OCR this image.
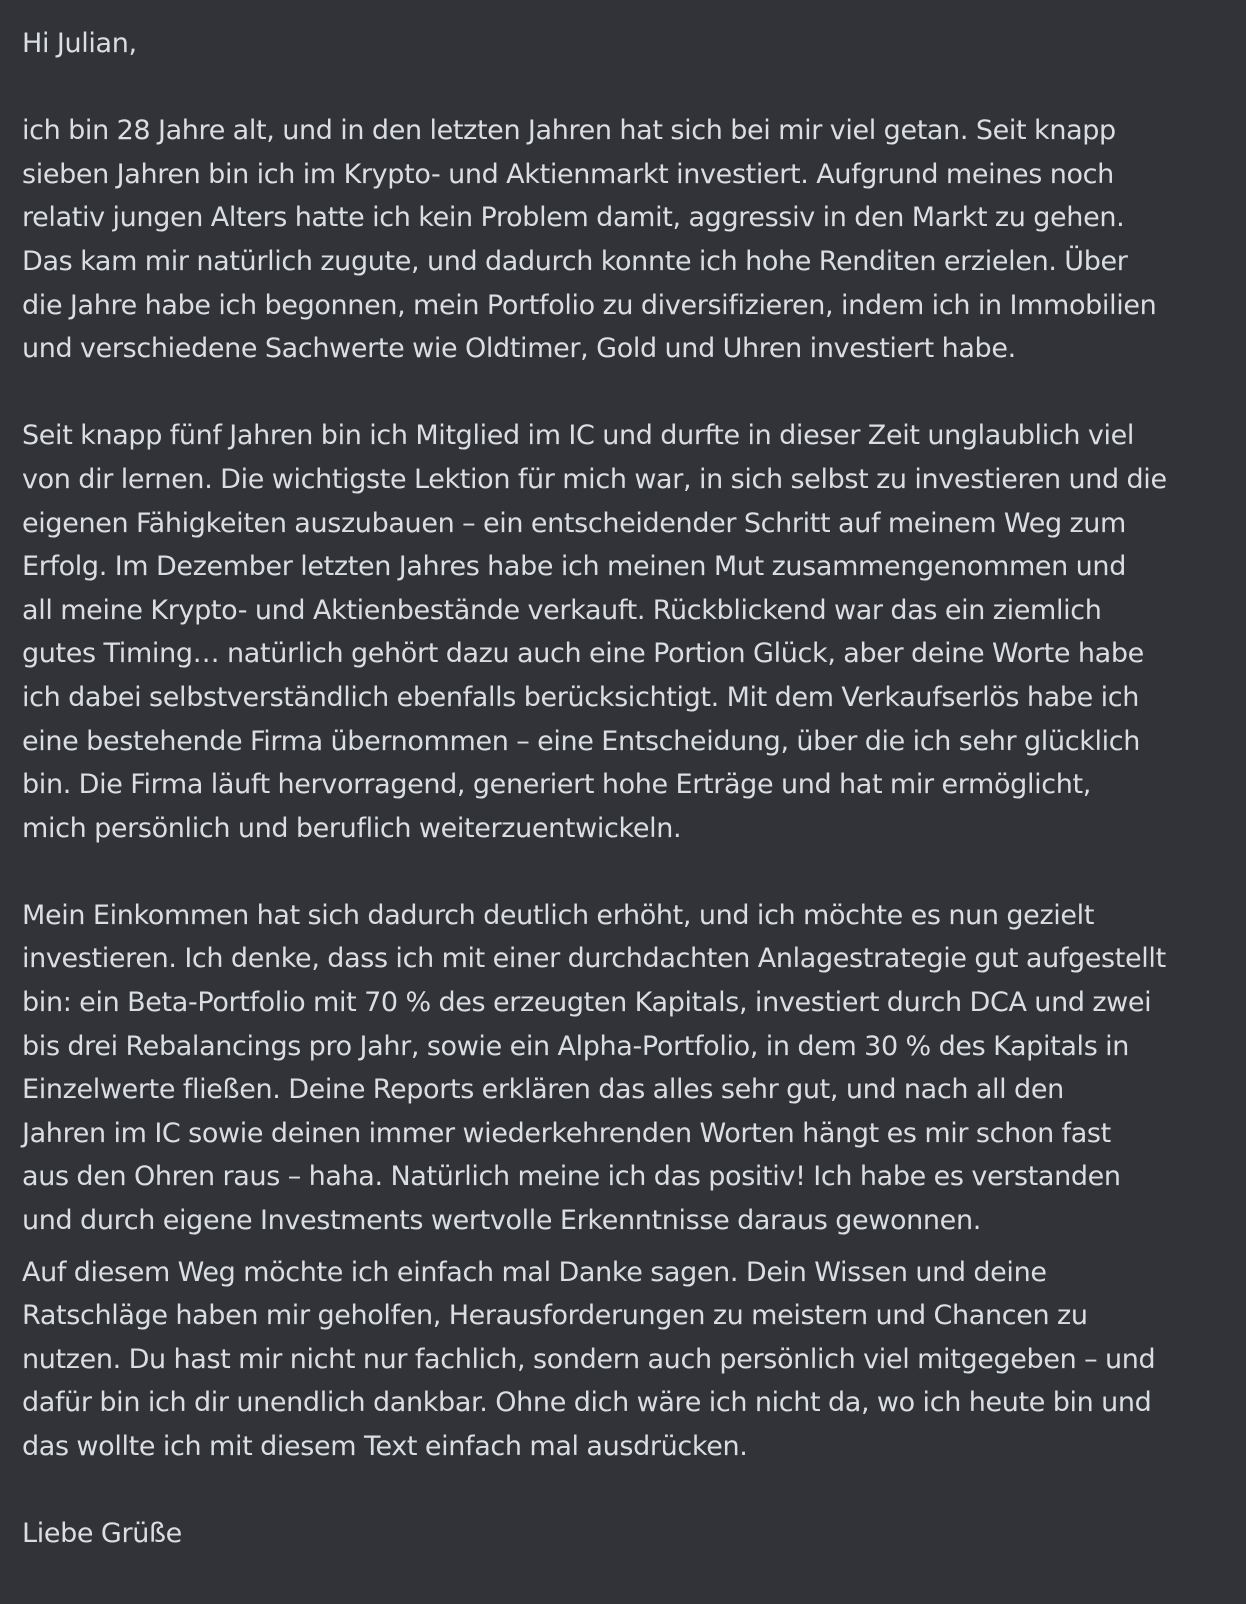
Hi Julian,
ich bin 28 Jahre alt, und in den letzten Jahren hat sich bei mir viel getan. Seit knapp
sieben Jahren bin ich im Krypto- und Aktienmarkt investiert. Aufgrund meines noch
relativ jungen Alters hatte ich kein Problem damit, aggressiv in den Markt zu gehen.
Das kam mir natürlich zugute, und dadurch konnte ich hohe Renditen erzielen. Über
die Jahre habe ich begonnen, mein Portfolio zu diversifizieren, indem ich in Immobilien
und verschiedene Sachwerte wie Oldtimer, Gold und Uhren investiert habe.
Seit knapp fünf Jahren bin ich Mitglied im IC und durfte in dieser Zeit unglaublich viel
von dir lernen. Die wichtigste Lektion für mich war, in sich selbst zu investieren und die
eigenen Fähigkeiten auszubauen – ein entscheidender Schritt auf meinem Weg zum
Erfolg. Im Dezember letzten Jahres habe ich meinen Mut zusammengenommen und
all meine Krypto- und Aktienbestände verkauft. Rückblickend war das ein ziemlich
gutes Timing… natürlich gehört dazu auch eine Portion Glück, aber deine Worte habe
ich dabei selbstverständlich ebenfalls berücksichtigt. Mit dem Verkaufserlös habe ich
eine bestehende Firma übernommen – eine Entscheidung, über die ich sehr glücklich
bin. Die Firma läuft hervorragend, generiert hohe Erträge und hat mir ermöglicht,
mich persönlich und beruflich weiterzuentwickeln.
Mein Einkommen hat sich dadurch deutlich erhöht, und ich möchte es nun gezielt
investieren. Ich denke, dass ich mit einer durchdachten Anlagestrategie gut aufgestellt
bin: ein Beta-Portfolio mit 70 % des erzeugten Kapitals, investiert durch DCA und zwei
bis drei Rebalancings pro Jahr, sowie ein Alpha-Portfolio, in dem 30 % des Kapitals in
Einzelwerte fließen. Deine Reports erklären das alles sehr gut, und nach all den
Jahren im IC sowie deinen immer wiederkehrenden Worten hängt es mir schon fast
aus den Ohren raus – haha. Natürlich meine ich das positiv! Ich habe es verstanden
und durch eigene Investments wertvolle Erkenntnisse daraus gewonnen.
Auf diesem Weg möchte ich einfach mal Danke sagen. Dein Wissen und deine
Ratschläge haben mir geholfen, Herausforderungen zu meistern und Chancen zu
nutzen. Du hast mir nicht nur fachlich, sondern auch persönlich viel mitgegeben – und
dafür bin ich dir unendlich dankbar. Ohne dich wäre ich nicht da, wo ich heute bin und
das wollte ich mit diesem Text einfach mal ausdrücken.
Liebe Grüße
